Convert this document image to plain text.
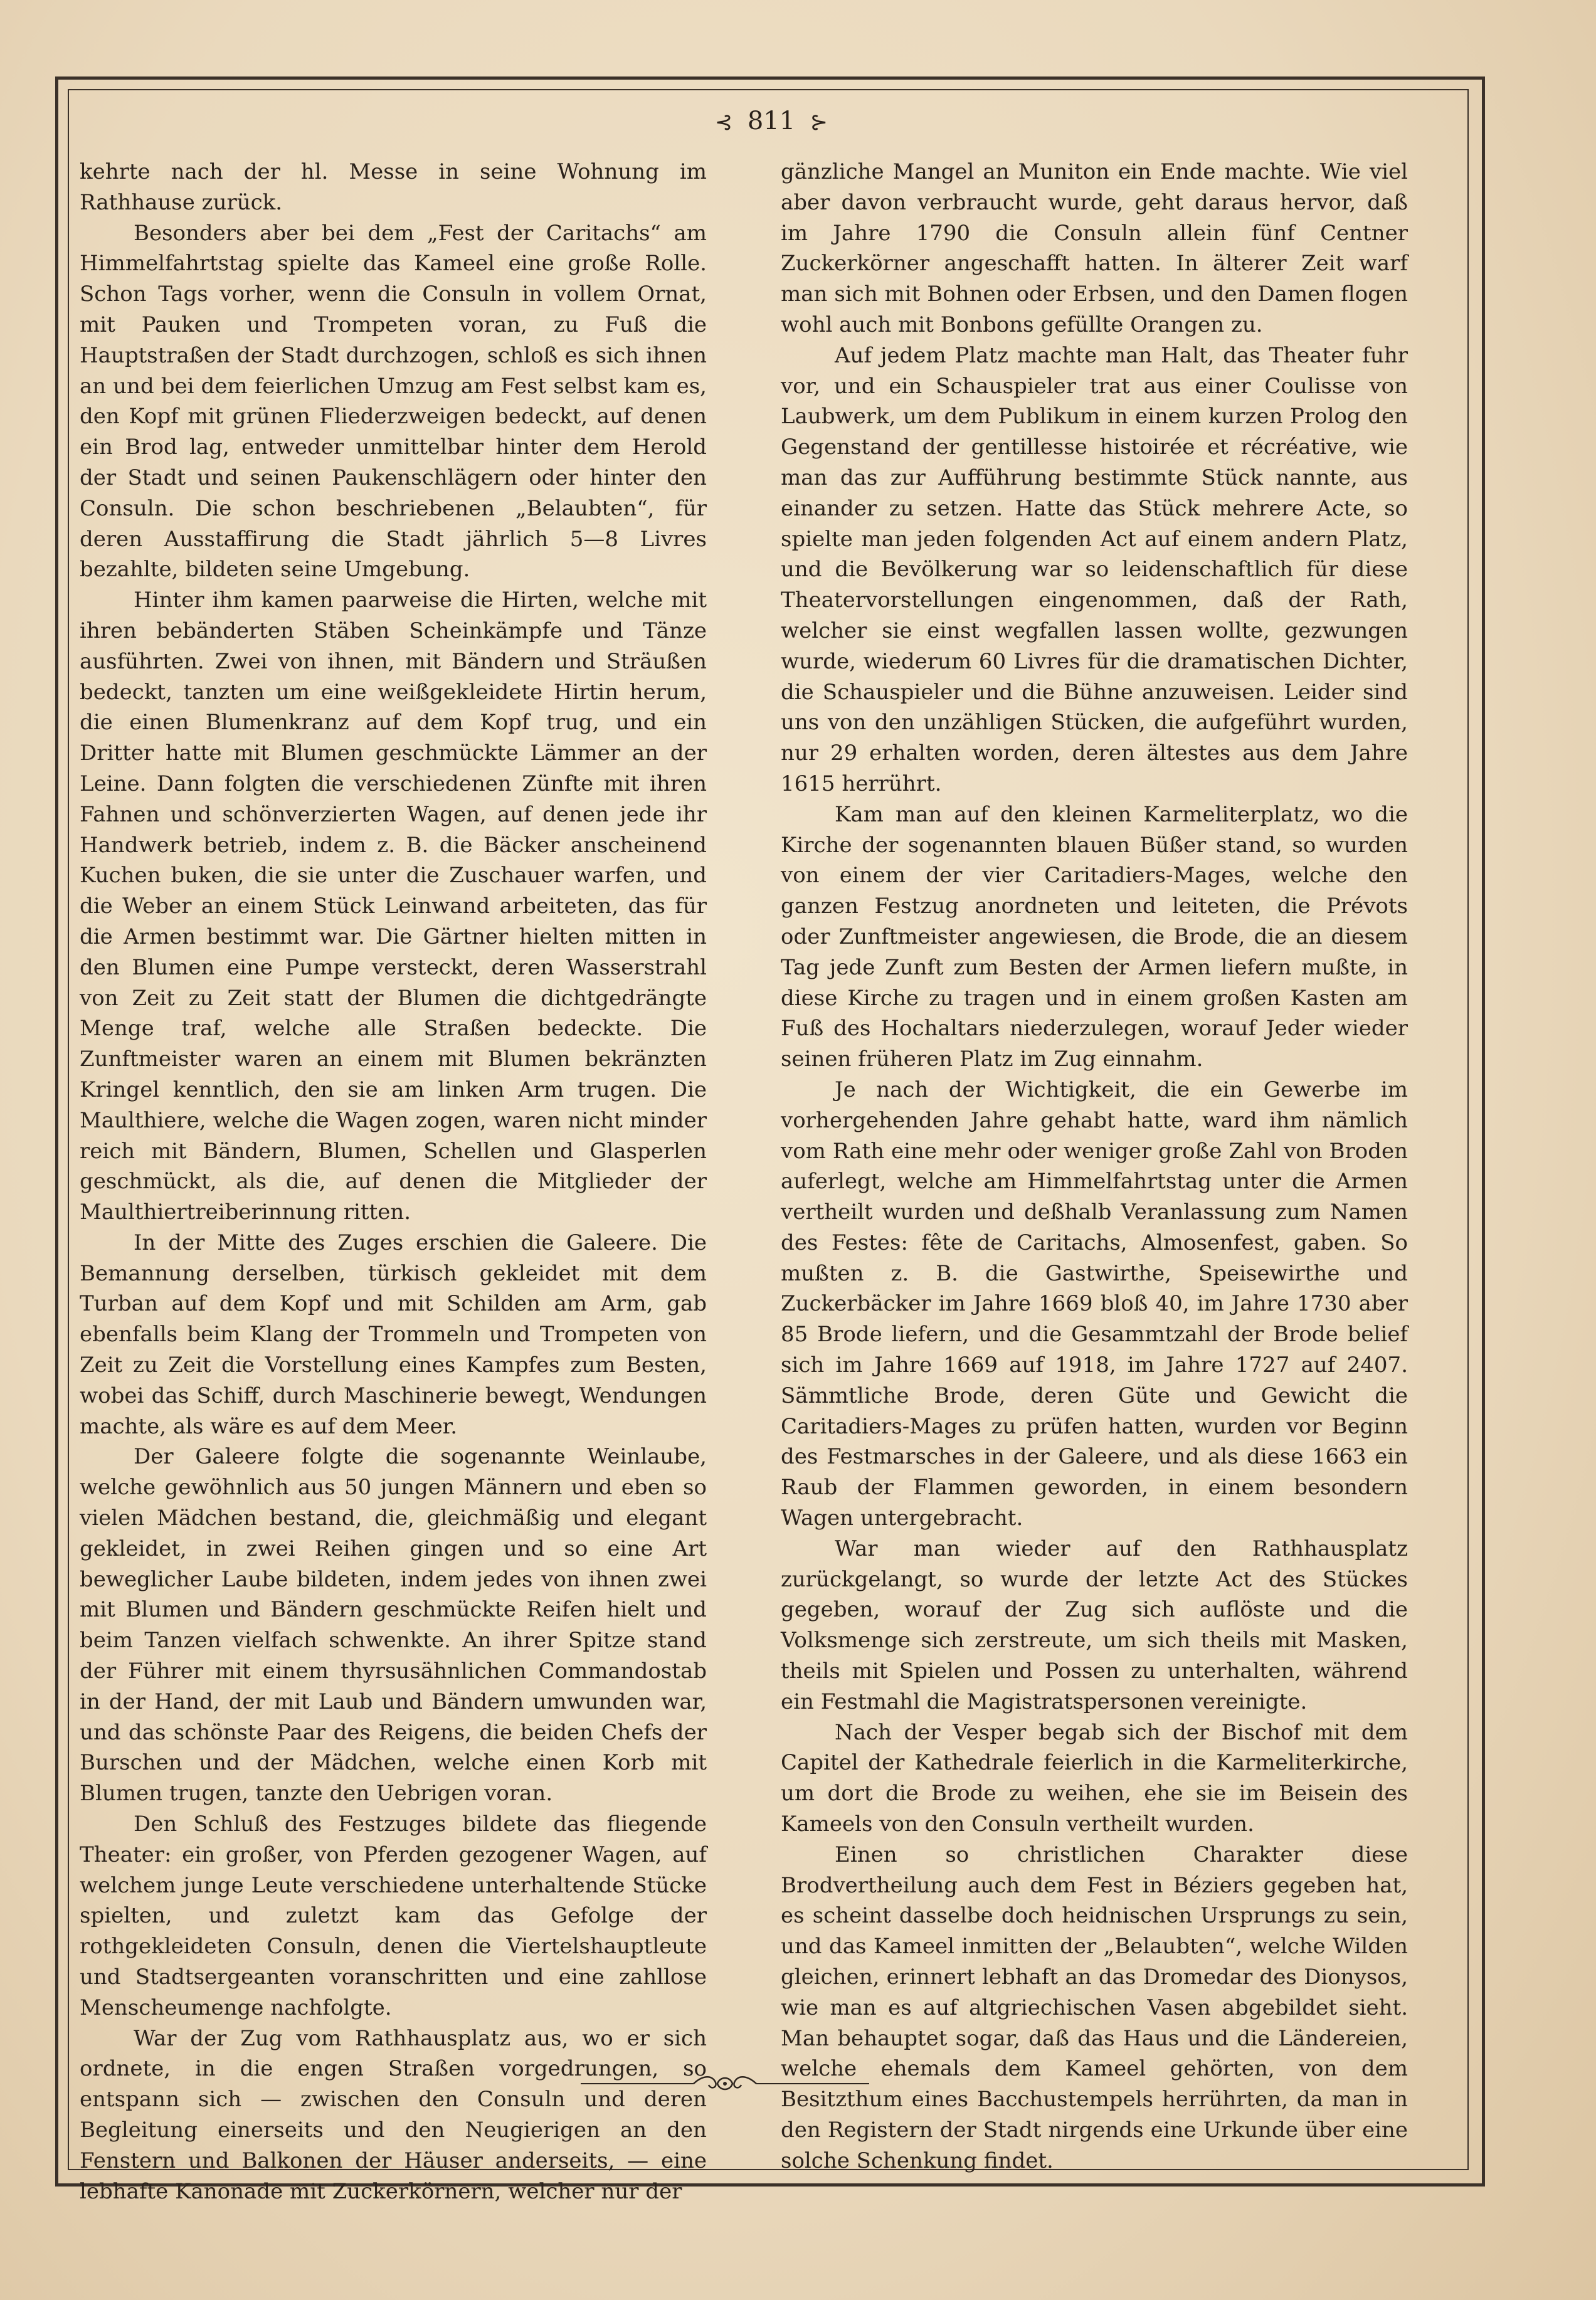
⊰ 811 ⊱

kehrte nach der hl. Messe in seine Wohnung im Rathhause zurück.

Besonders aber bei dem „Fest der Caritachs“ am Himmelfahrtstag spielte das Kameel eine große Rolle. Schon Tags vorher, wenn die Consuln in vollem Ornat, mit Pauken und Trompeten voran, zu Fuß die Hauptstraßen der Stadt durchzogen, schloß es sich ihnen an und bei dem feierlichen Umzug am Fest selbst kam es, den Kopf mit grünen Fliederzweigen bedeckt, auf denen ein Brod lag, entweder unmittelbar hinter dem Herold der Stadt und seinen Paukenschlägern oder hinter den Consuln. Die schon beschriebenen „Belaubten“, für deren Ausstaffirung die Stadt jährlich 5—8 Livres bezahlte, bildeten seine Umgebung.

Hinter ihm kamen paarweise die Hirten, welche mit ihren bebänderten Stäben Scheinkämpfe und Tänze ausführten. Zwei von ihnen, mit Bändern und Sträußen bedeckt, tanzten um eine weißgekleidete Hirtin herum, die einen Blumenkranz auf dem Kopf trug, und ein Dritter hatte mit Blumen geschmückte Lämmer an der Leine. Dann folgten die verschiedenen Zünfte mit ihren Fahnen und schönverzierten Wagen, auf denen jede ihr Handwerk betrieb, indem z. B. die Bäcker anscheinend Kuchen buken, die sie unter die Zuschauer warfen, und die Weber an einem Stück Leinwand arbeiteten, das für die Armen bestimmt war. Die Gärtner hielten mitten in den Blumen eine Pumpe versteckt, deren Wasserstrahl von Zeit zu Zeit statt der Blumen die dichtgedrängte Menge traf, welche alle Straßen bedeckte. Die Zunftmeister waren an einem mit Blumen bekränzten Kringel kenntlich, den sie am linken Arm trugen. Die Maulthiere, welche die Wagen zogen, waren nicht minder reich mit Bändern, Blumen, Schellen und Glasperlen geschmückt, als die, auf denen die Mitglieder der Maulthiertreiberinnung ritten.

In der Mitte des Zuges erschien die Galeere. Die Bemannung derselben, türkisch gekleidet mit dem Turban auf dem Kopf und mit Schilden am Arm, gab ebenfalls beim Klang der Trommeln und Trompeten von Zeit zu Zeit die Vorstellung eines Kampfes zum Besten, wobei das Schiff, durch Maschinerie bewegt, Wendungen machte, als wäre es auf dem Meer.

Der Galeere folgte die sogenannte Weinlaube, welche gewöhnlich aus 50 jungen Männern und eben so vielen Mädchen bestand, die, gleichmäßig und elegant gekleidet, in zwei Reihen gingen und so eine Art beweglicher Laube bildeten, indem jedes von ihnen zwei mit Blumen und Bändern geschmückte Reifen hielt und beim Tanzen vielfach schwenkte. An ihrer Spitze stand der Führer mit einem thyrsusähnlichen Commandostab in der Hand, der mit Laub und Bändern umwunden war, und das schönste Paar des Reigens, die beiden Chefs der Burschen und der Mädchen, welche einen Korb mit Blumen trugen, tanzte den Uebrigen voran.

Den Schluß des Festzuges bildete das fliegende Theater: ein großer, von Pferden gezogener Wagen, auf welchem junge Leute verschiedene unterhaltende Stücke spielten, und zuletzt kam das Gefolge der rothgekleideten Consuln, denen die Viertelshauptleute und Stadtsergeanten voranschritten und eine zahllose Menscheumenge nachfolgte.

War der Zug vom Rathhausplatz aus, wo er sich ordnete, in die engen Straßen vorgedrungen, so entspann sich — zwischen den Consuln und deren Begleitung einerseits und den Neugierigen an den Fenstern und Balkonen der Häuser anderseits, — eine lebhafte Kanonade mit Zuckerkörnern, welcher nur der

gänzliche Mangel an Muniton ein Ende machte. Wie viel aber davon verbraucht wurde, geht daraus hervor, daß im Jahre 1790 die Consuln allein fünf Centner Zuckerkörner angeschafft hatten. In älterer Zeit warf man sich mit Bohnen oder Erbsen, und den Damen flogen wohl auch mit Bonbons gefüllte Orangen zu.

Auf jedem Platz machte man Halt, das Theater fuhr vor, und ein Schauspieler trat aus einer Coulisse von Laubwerk, um dem Publikum in einem kurzen Prolog den Gegenstand der gentillesse histoirée et récréative, wie man das zur Aufführung bestimmte Stück nannte, aus einander zu setzen. Hatte das Stück mehrere Acte, so spielte man jeden folgenden Act auf einem andern Platz, und die Bevölkerung war so leidenschaftlich für diese Theatervorstellungen eingenommen, daß der Rath, welcher sie einst wegfallen lassen wollte, gezwungen wurde, wiederum 60 Livres für die dramatischen Dichter, die Schauspieler und die Bühne anzuweisen. Leider sind uns von den unzähligen Stücken, die aufgeführt wurden, nur 29 erhalten worden, deren ältestes aus dem Jahre 1615 herrührt.

Kam man auf den kleinen Karmeliterplatz, wo die Kirche der sogenannten blauen Büßer stand, so wurden von einem der vier Caritadiers-Mages, welche den ganzen Festzug anordneten und leiteten, die Prévots oder Zunftmeister angewiesen, die Brode, die an diesem Tag jede Zunft zum Besten der Armen liefern mußte, in diese Kirche zu tragen und in einem großen Kasten am Fuß des Hochaltars niederzulegen, worauf Jeder wieder seinen früheren Platz im Zug einnahm.

Je nach der Wichtigkeit, die ein Gewerbe im vorhergehenden Jahre gehabt hatte, ward ihm nämlich vom Rath eine mehr oder weniger große Zahl von Broden auferlegt, welche am Himmelfahrtstag unter die Armen vertheilt wurden und deßhalb Veranlassung zum Namen des Festes: fête de Caritachs, Almosenfest, gaben. So mußten z. B. die Gastwirthe, Speisewirthe und Zuckerbäcker im Jahre 1669 bloß 40, im Jahre 1730 aber 85 Brode liefern, und die Gesammtzahl der Brode belief sich im Jahre 1669 auf 1918, im Jahre 1727 auf 2407. Sämmtliche Brode, deren Güte und Gewicht die Caritadiers-Mages zu prüfen hatten, wurden vor Beginn des Festmarsches in der Galeere, und als diese 1663 ein Raub der Flammen geworden, in einem besondern Wagen untergebracht.

War man wieder auf den Rathhausplatz zurückgelangt, so wurde der letzte Act des Stückes gegeben, worauf der Zug sich auflöste und die Volksmenge sich zerstreute, um sich theils mit Masken, theils mit Spielen und Possen zu unterhalten, während ein Festmahl die Magistratspersonen vereinigte.

Nach der Vesper begab sich der Bischof mit dem Capitel der Kathedrale feierlich in die Karmeliterkirche, um dort die Brode zu weihen, ehe sie im Beisein des Kameels von den Consuln vertheilt wurden.

Einen so christlichen Charakter diese Brodvertheilung auch dem Fest in Béziers gegeben hat, es scheint dasselbe doch heidnischen Ursprungs zu sein, und das Kameel inmitten der „Belaubten“, welche Wilden gleichen, erinnert lebhaft an das Dromedar des Dionysos, wie man es auf altgriechischen Vasen abgebildet sieht. Man behauptet sogar, daß das Haus und die Ländereien, welche ehemals dem Kameel gehörten, von dem Besitzthum eines Bacchustempels herrührten, da man in den Registern der Stadt nirgends eine Urkunde über eine solche Schenkung findet.
